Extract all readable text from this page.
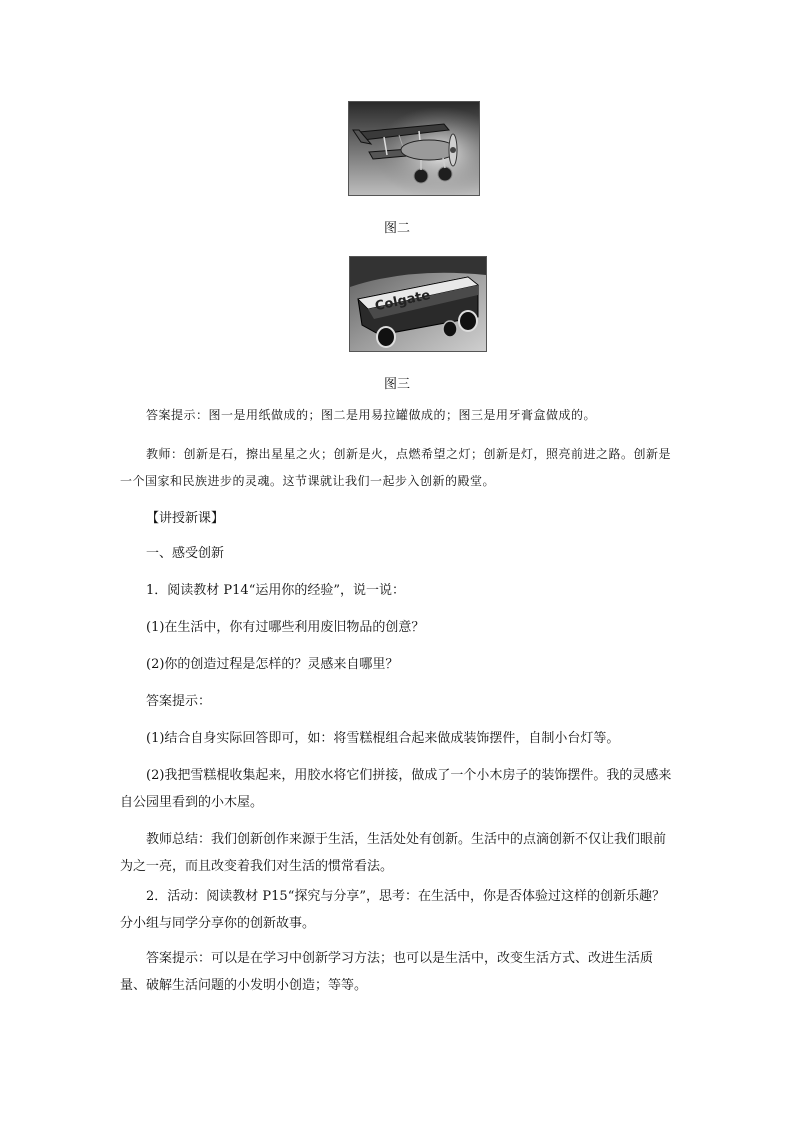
图二
Colgate
图三

答案提示：图一是用纸做成的；图二是用易拉罐做成的；图三是用牙膏盒做成的。

教师：创新是石，擦出星星之火；创新是火，点燃希望之灯；创新是灯，照亮前进之路。创新是一个国家和民族进步的灵魂。这节课就让我们一起步入创新的殿堂。

【讲授新课】

一、感受创新

1．阅读教材 P14“运用你的经验”，说一说：

(1)在生活中，你有过哪些利用废旧物品的创意？

(2)你的创造过程是怎样的？灵感来自哪里？

答案提示：

(1)结合自身实际回答即可，如：将雪糕棍组合起来做成装饰摆件，自制小台灯等。

(2)我把雪糕棍收集起来，用胶水将它们拼接，做成了一个小木房子的装饰摆件。我的灵感来自公园里看到的小木屋。

教师总结：我们创新创作来源于生活，生活处处有创新。生活中的点滴创新不仅让我们眼前为之一亮，而且改变着我们对生活的惯常看法。

2．活动：阅读教材 P15“探究与分享”，思考：在生活中，你是否体验过这样的创新乐趣？分小组与同学分享你的创新故事。

答案提示：可以是在学习中创新学习方法；也可以是生活中，改变生活方式、改进生活质量、破解生活问题的小发明小创造；等等。
